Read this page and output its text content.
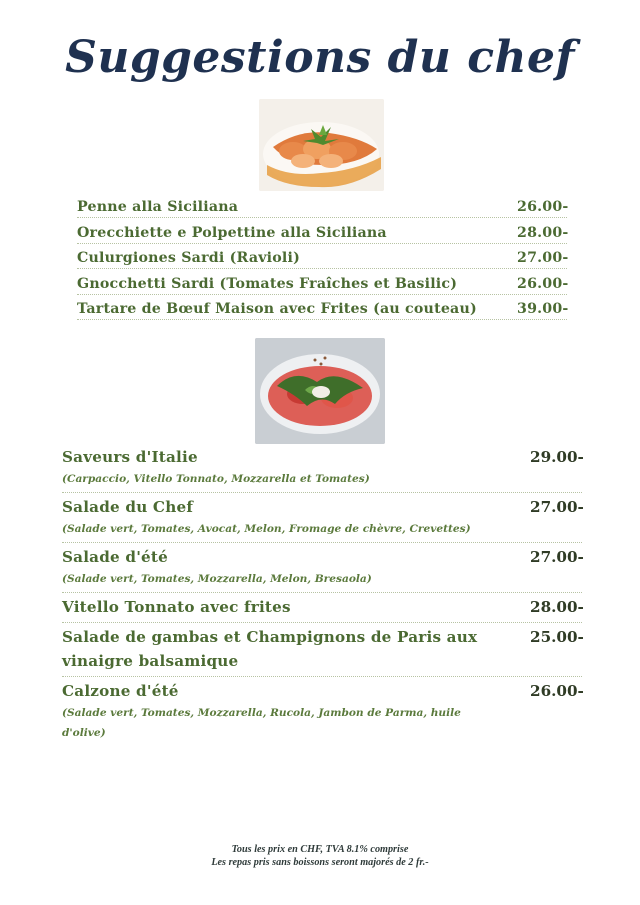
Suggestions du chef
Penne alla Siciliana	26.00-
Orecchiette e Polpettine alla Siciliana	28.00-
Culurgiones Sardi (Ravioli)	27.00-
Gnocchetti Sardi (Tomates Fraîches et Basilic)	26.00-
Tartare de Bœuf Maison avec Frites (au couteau)	39.00-
Saveurs d'Italie	29.00-
(Carpaccio, Vitello Tonnato, Mozzarella et Tomates)
Salade du Chef	27.00-
(Salade vert, Tomates, Avocat, Melon, Fromage de chèvre, Crevettes)
Salade d'été	27.00-
(Salade vert, Tomates, Mozzarella, Melon, Bresaola)
Vitello Tonnato avec frites	28.00-
Salade de gambas et Champignons de Paris aux vinaigre balsamique
25.00-
Calzone d'été	26.00-
(Salade vert, Tomates, Mozzarella, Rucola, Jambon de Parma, huile d'olive)
Tous les prix en CHF, TVA 8.1% comprise
Les repas pris sans boissons seront majorés de 2 fr.-
